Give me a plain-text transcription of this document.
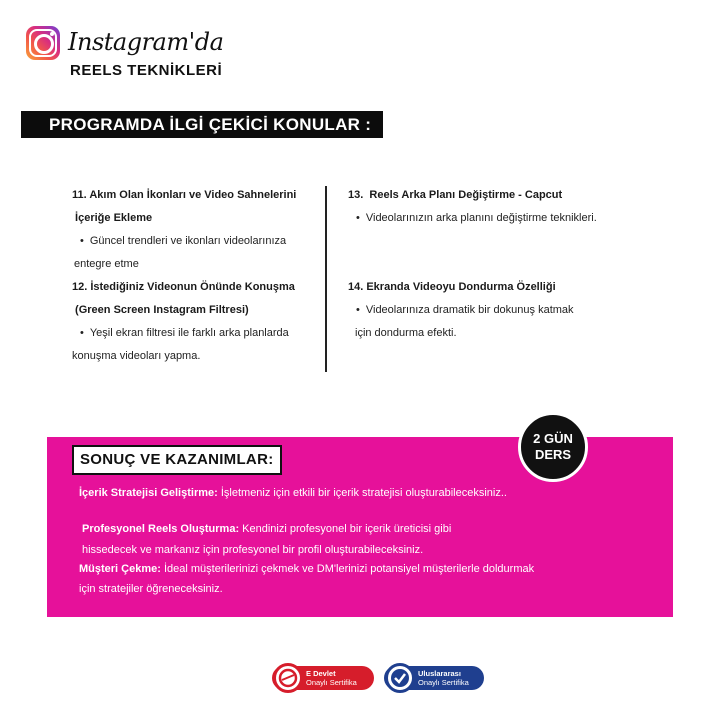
Instagram'da
REELS TEKNİKLERİ
PROGRAMDA İLGİ ÇEKİCİ KONULAR :

11. Akım Olan İkonları ve Video Sahnelerini

İçeriğe Ekleme

• Güncel trendleri ve ikonları videolarınıza

entegre etme

12. İstediğiniz Videonun Önünde Konuşma

(Green Screen Instagram Filtresi)

• Yeşil ekran filtresi ile farklı arka planlarda

konuşma videoları yapma.

13.  Reels Arka Planı Değiştirme - Capcut

• Videolarınızın arka planını değiştirme teknikleri.

14. Ekranda Videoyu Dondurma Özelliği

• Videolarınıza dramatik bir dokunuş katmak

için dondurma efekti.

SONUÇ VE KAZANIMLAR:
2 GÜN
DERS

İçerik Stratejisi Geliştirme: İşletmeniz için etkili bir içerik stratejisi oluşturabileceksiniz..

Profesyonel Reels Oluşturma: Kendinizi profesyonel bir içerik üreticisi gibi

hissedecek ve markanız için profesyonel bir profil oluşturabileceksiniz.

Müşteri Çekme: İdeal müşterilerinizi çekmek ve DM'lerinizi potansiyel müşterilerle doldurmak

için stratejiler öğreneceksiniz.

E Devlet
Onaylı Sertifika
Uluslararası
Onaylı Sertifika
